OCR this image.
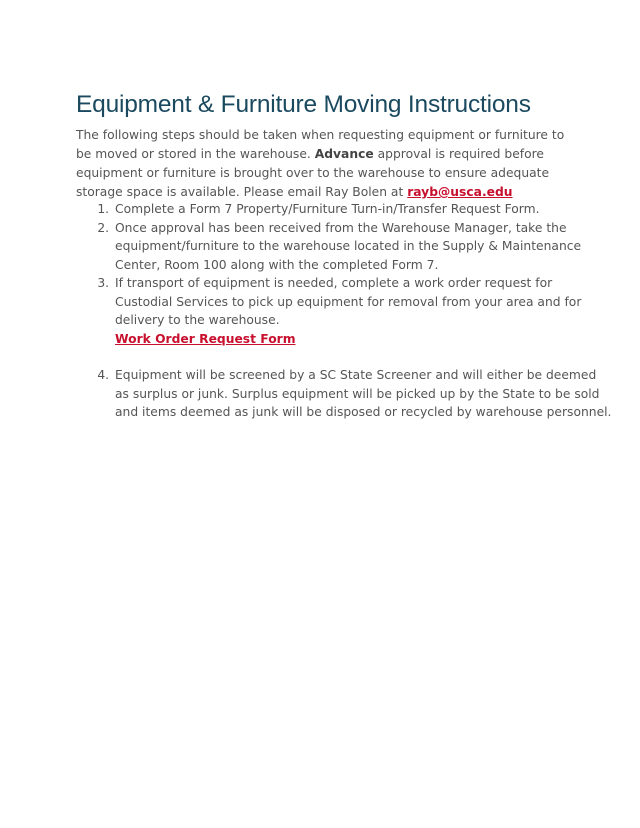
Equipment & Furniture Moving Instructions

The following steps should be taken when requesting equipment or furniture to be moved or stored in the warehouse. Advance approval is required before equipment or furniture is brought over to the warehouse to ensure adequate storage space is available. Please email Ray Bolen at rayb@usca.edu

1. Complete a Form 7 Property/Furniture Turn-in/Transfer Request Form.
2. Once approval has been received from the Warehouse Manager, take the equipment/furniture to the warehouse located in the Supply & Maintenance Center, Room 100 along with the completed Form 7.
3. If transport of equipment is needed, complete a work order request for Custodial Services to pick up equipment for removal from your area and for delivery to the warehouse.
Work Order Request Form
4. Equipment will be screened by a SC State Screener and will either be deemed as surplus or junk. Surplus equipment will be picked up by the State to be sold and items deemed as junk will be disposed or recycled by warehouse personnel.
